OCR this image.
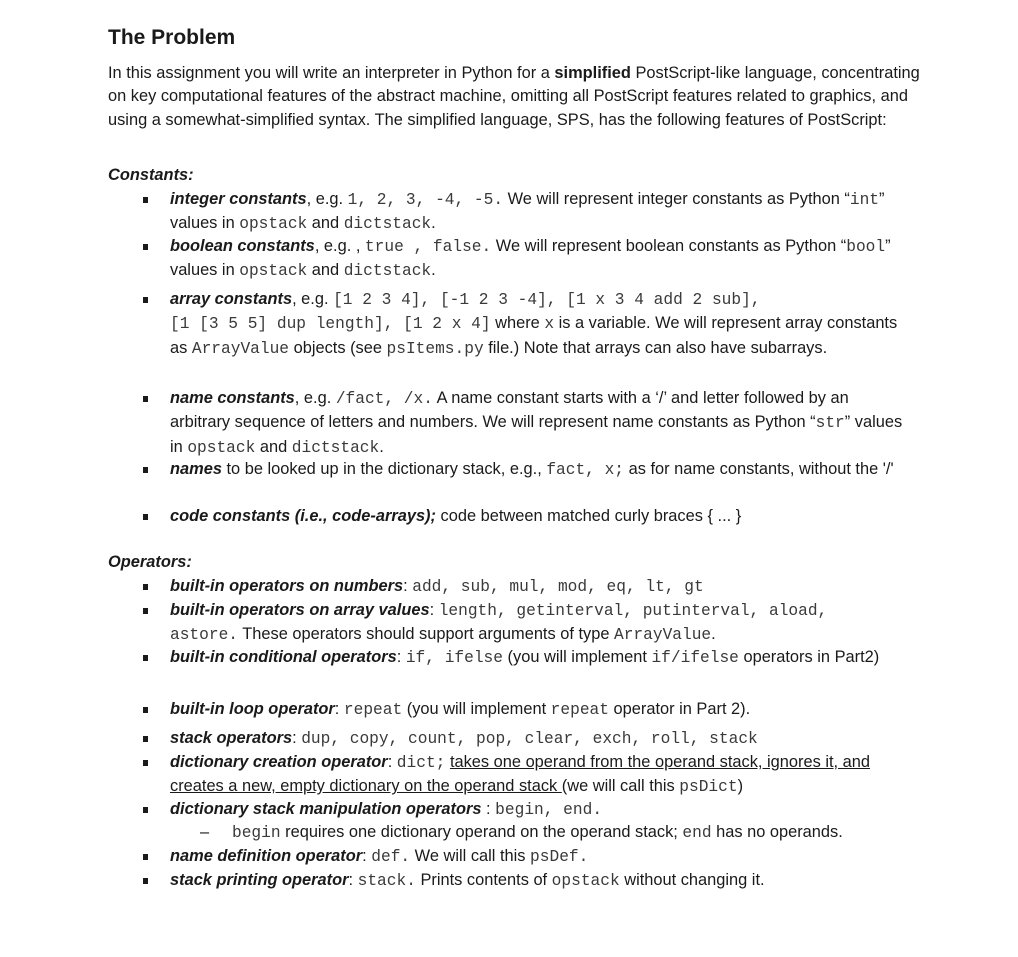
The Problem
In this assignment you will write an interpreter in Python for a simplified PostScript-like language, concentrating on key computational features of the abstract machine, omitting all PostScript features related to graphics, and using a somewhat-simplified syntax. The simplified language, SPS, has the following features of PostScript:
Constants:
integer constants, e.g. 1, 2, 3, -4, -5. We will represent integer constants as Python “int” values in opstack and dictstack.
boolean constants, e.g. , true , false. We will represent boolean constants as Python “bool” values in opstack and dictstack.
array constants, e.g. [1 2 3 4], [-1 2 3 -4], [1 x 3 4 add 2 sub],
[1 [3 5 5] dup length], [1 2 x 4] where x is a variable. We will represent array constants as ArrayValue objects (see psItems.py file.) Note that arrays can also have subarrays.
name constants, e.g. /fact, /x. A name constant starts with a ‘/’ and letter followed by an arbitrary sequence of letters and numbers. We will represent name constants as Python “str” values in opstack and dictstack.
names to be looked up in the dictionary stack, e.g., fact, x; as for name constants, without the '/'
code constants (i.e., code-arrays); code between matched curly braces { ... }
Operators:
built-in operators on numbers: add, sub, mul, mod, eq, lt, gt
built-in operators on array values: length, getinterval, putinterval, aload,
astore. These operators should support arguments of type ArrayValue.
built-in conditional operators: if, ifelse (you will implement if/ifelse operators in Part2)
built-in loop operator: repeat (you will implement repeat operator in Part 2).
stack operators: dup, copy, count, pop, clear, exch, roll, stack
dictionary creation operator: dict; takes one operand from the operand stack, ignores it, and creates a new, empty dictionary on the operand stack (we will call this psDict)
dictionary stack manipulation operators : begin, end.
name definition operator: def. We will call this psDef.
stack printing operator: stack. Prints contents of opstack without changing it.
– begin requires one dictionary operand on the operand stack; end has no operands.
